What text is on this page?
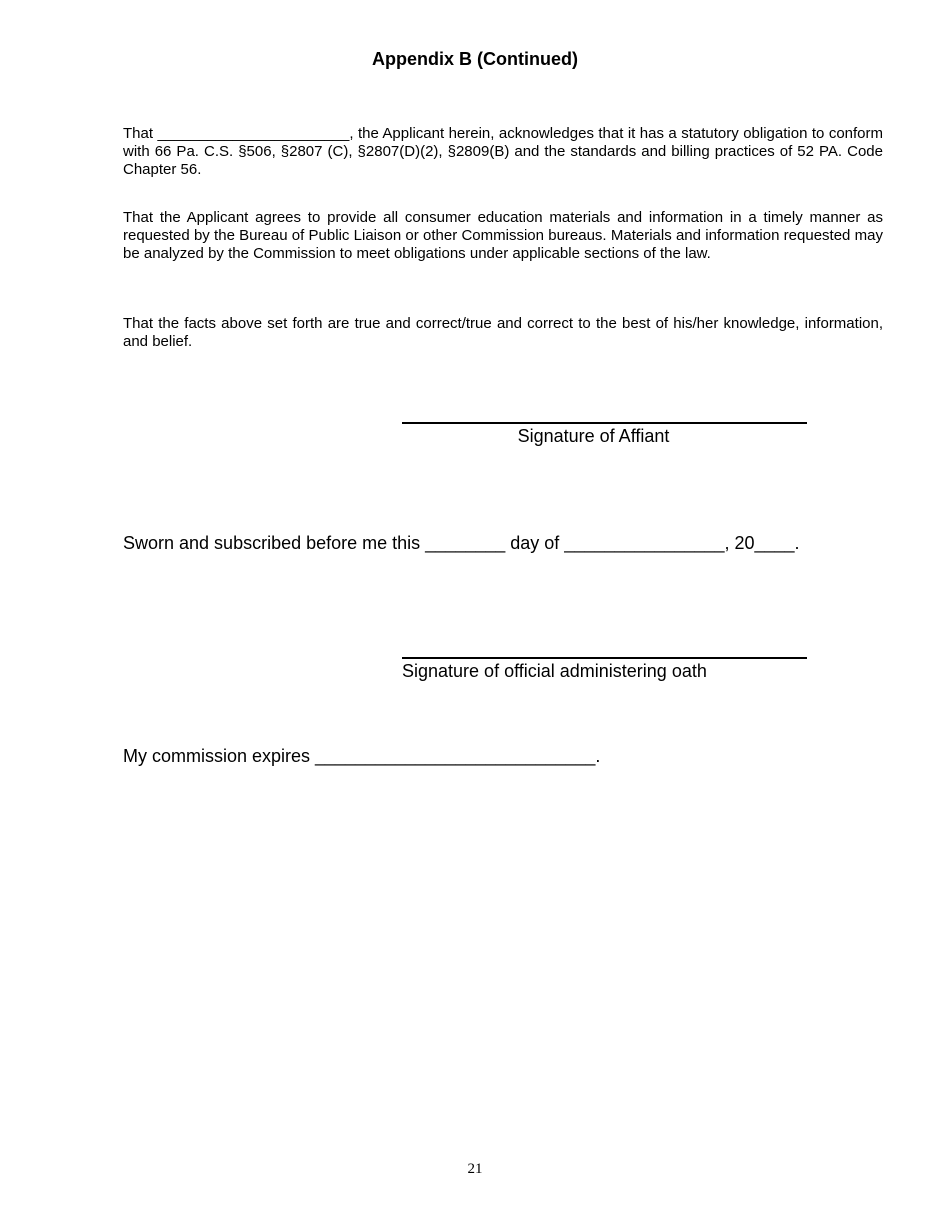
Appendix B (Continued)

That _______________________, the Applicant herein, acknowledges that it has a statutory obligation to conform with 66 Pa. C.S. §506, §2807 (C), §2807(D)(2), §2809(B) and the standards and billing practices of 52 PA. Code Chapter 56.

That the Applicant agrees to provide all consumer education materials and information in a timely manner as requested by the Bureau of Public Liaison or other Commission bureaus. Materials and information requested may be analyzed by the Commission to meet obligations under applicable sections of the law.

That the facts above set forth are true and correct/true and correct to the best of his/her knowledge, information, and belief.

Signature of Affiant

Sworn and subscribed before me this ________ day of ________________, 20____.

Signature of official administering oath

My commission expires ____________________________.

21
